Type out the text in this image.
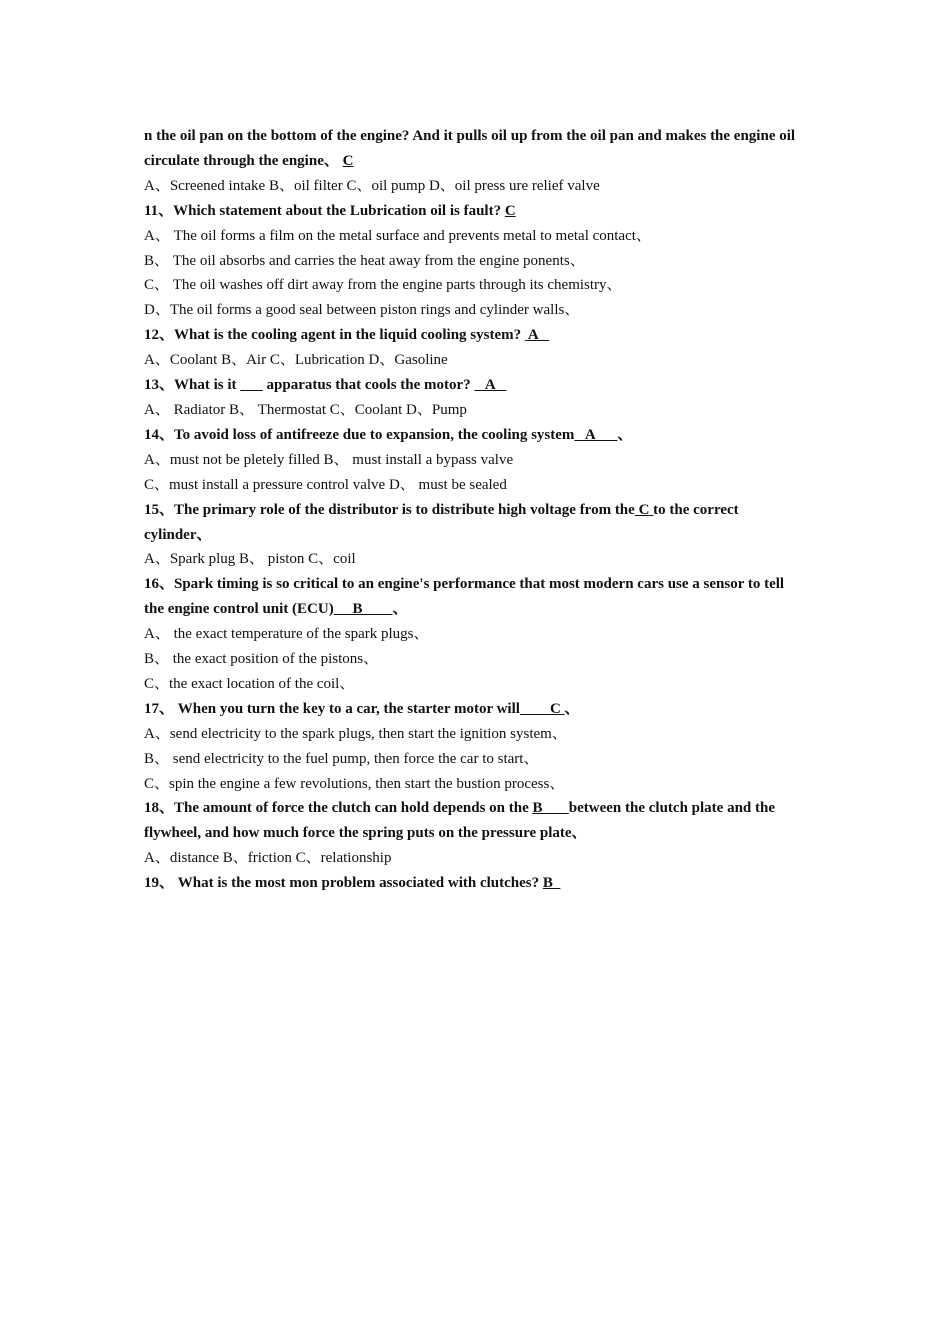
n the oil pan on the bottom of the engine? And it pulls oil up from the oil pan and makes the engine oil circulate through the engine、 C

A、Screened intake B、oil filter C、oil pump D、oil press ure relief valve

11、Which statement about the Lubrication oil is fault? C

A、 The oil forms a film on the metal surface and prevents metal to metal contact、

B、 The oil absorbs and carries the heat away from the engine ponents、

C、 The oil washes off dirt away from the engine parts through its chemistry、

D、The oil forms a good seal between piston rings and cylinder walls、

12、What is the cooling agent in the liquid cooling system? A

A、Coolant B、Air C、Lubrication D、Gasoline

13、What is it apparatus that cools the motor? A

A、 Radiator B、 Thermostat C、Coolant D、Pump

14、To avoid loss of antifreeze due to expansion, the cooling system A 、

A、must not be pletely filled B、 must install a bypass valve

C、must install a pressure control valve D、 must be sealed

15、The primary role of the distributor is to distribute high voltage from the C to the correct cylinder、

A、Spark plug B、 piston C、coil

16、Spark timing is so critical to an engine's performance that most modern cars use a sensor to tell the engine control unit (ECU) B 、

A、 the exact temperature of the spark plugs、

B、 the exact position of the pistons、

C、the exact location of the coil、

17、 When you turn the key to a car, the starter motor will C 、

A、send electricity to the spark plugs, then start the ignition system、

B、 send electricity to the fuel pump, then force the car to start、

C、spin the engine a few revolutions, then start the bustion process、

18、The amount of force the clutch can hold depends on the B between the clutch plate and the flywheel, and how much force the spring puts on the pressure plate、

A、distance B、friction C、relationship

19、 What is the most mon problem associated with clutches? B
